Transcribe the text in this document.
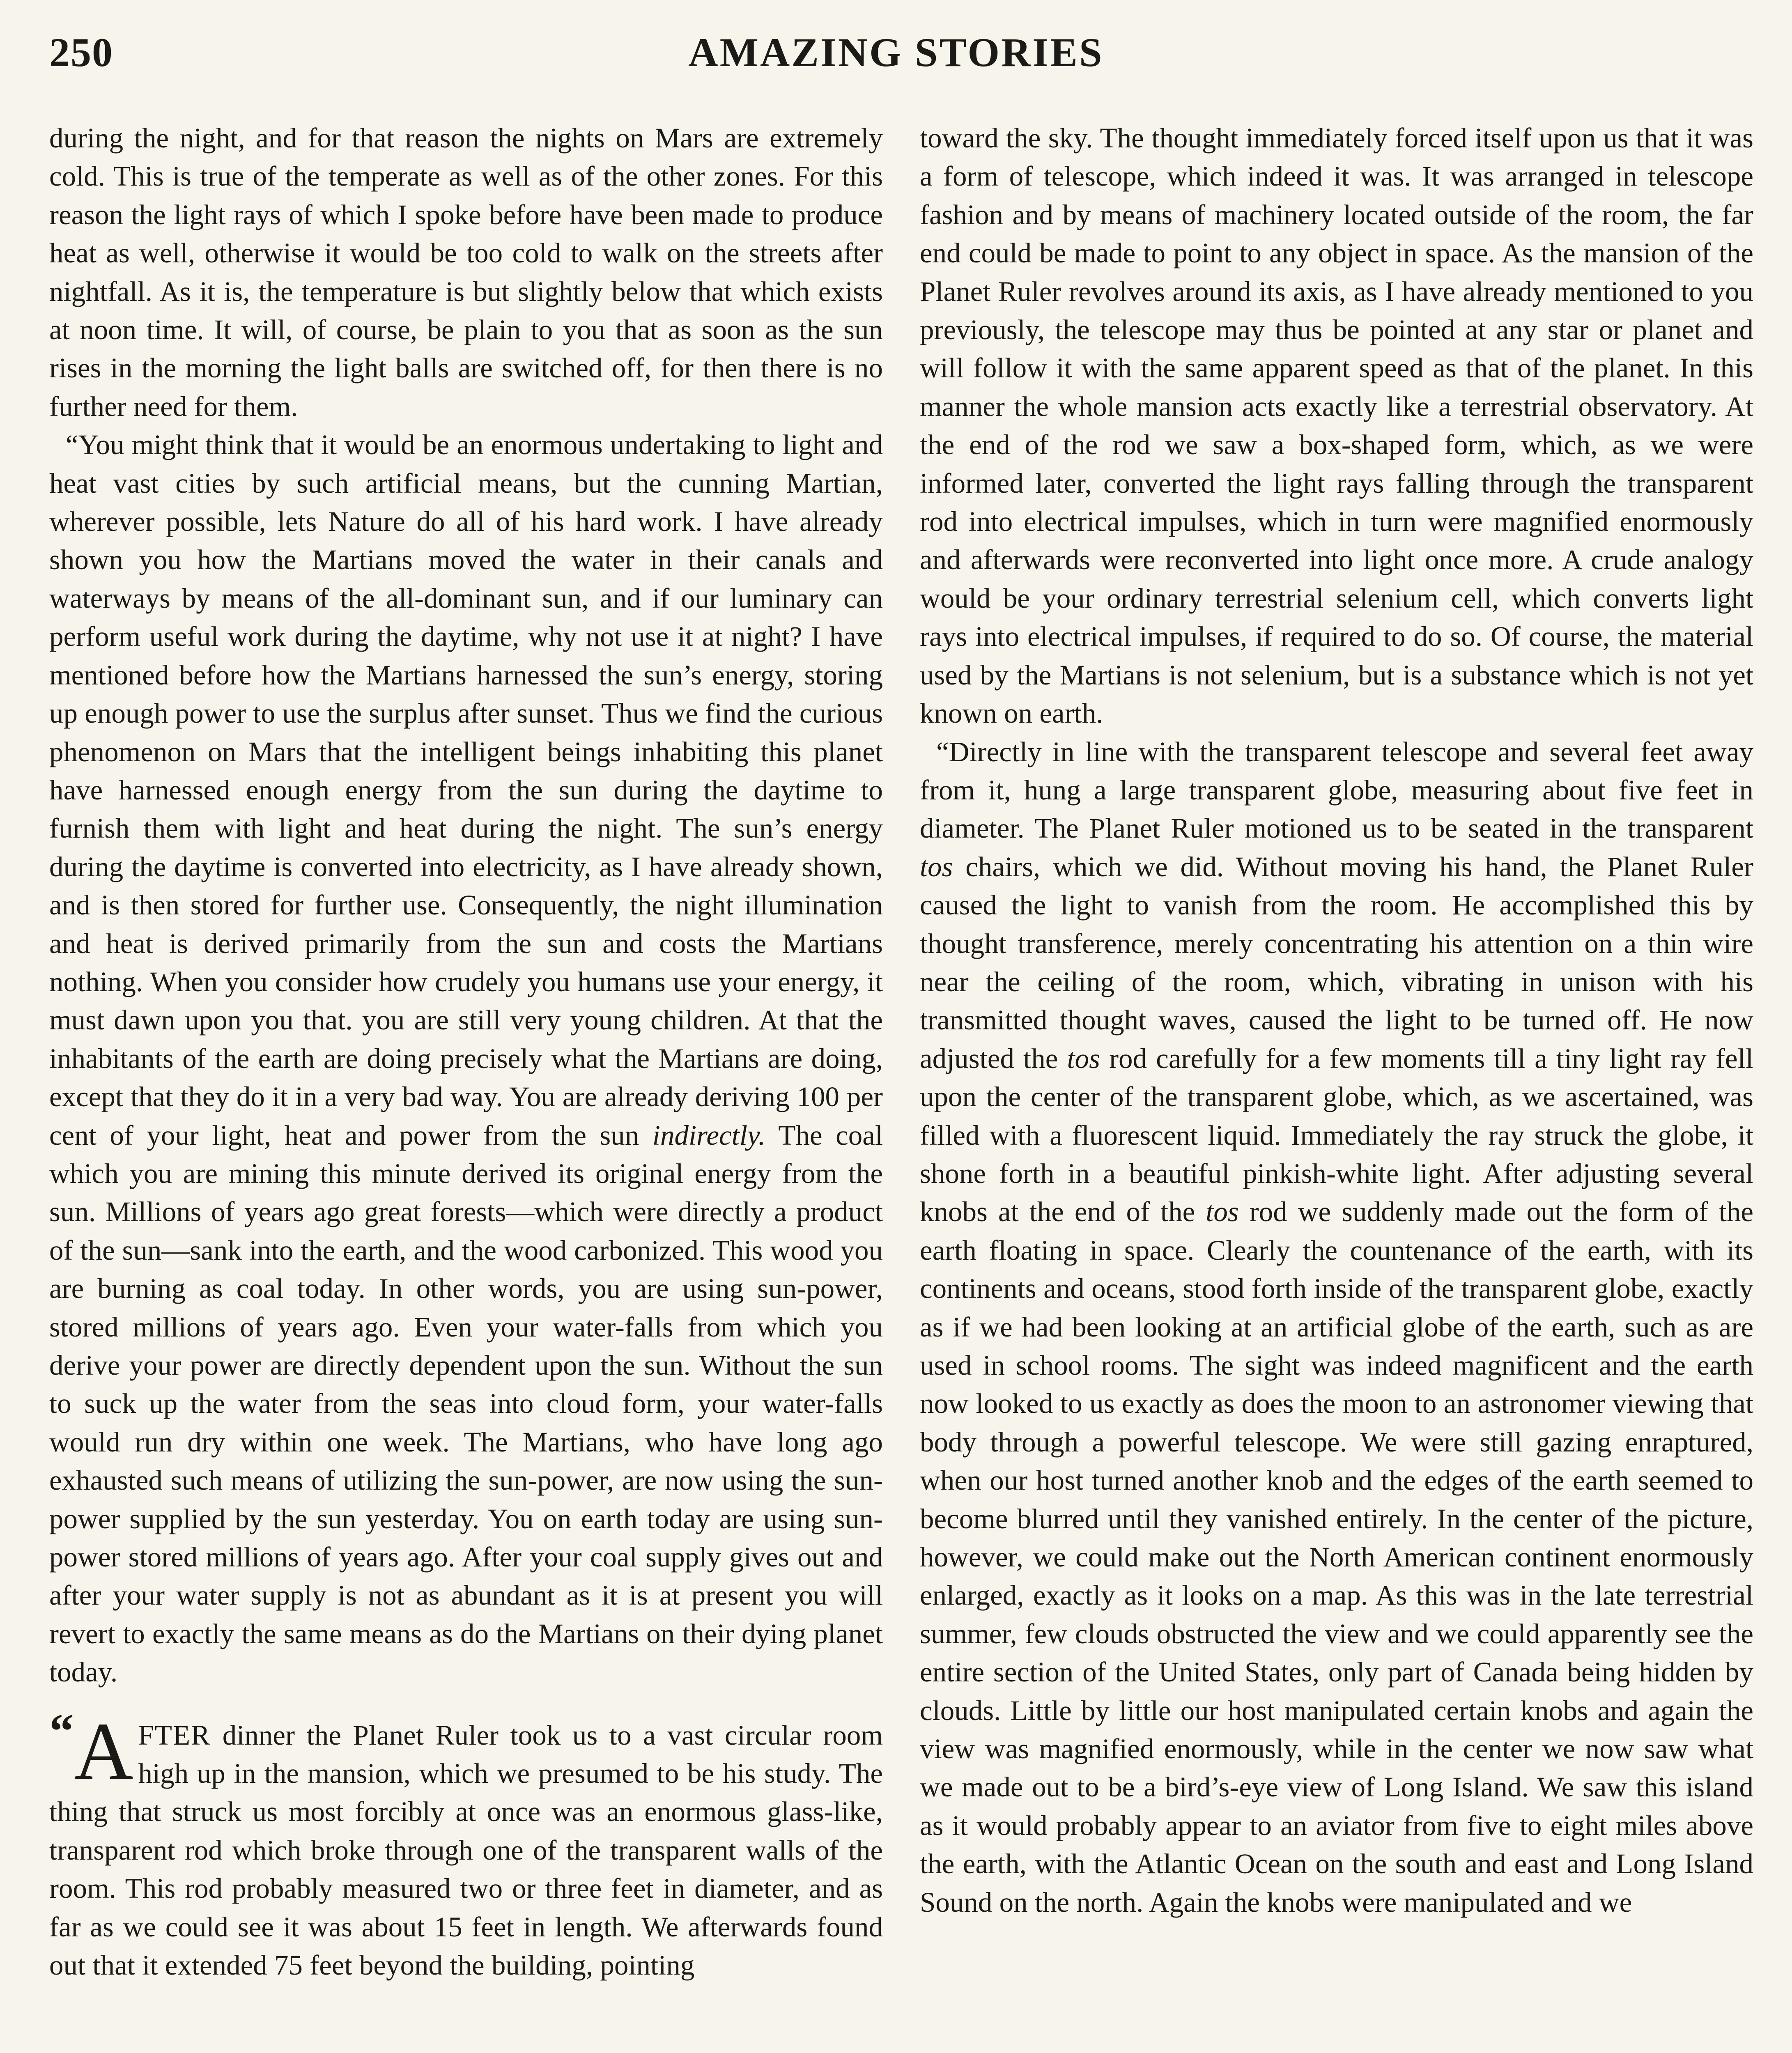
250	AMAZING STORIES

during the night, and for that reason the nights on Mars are extremely cold. This is true of the temperate as well as of the other zones. For this reason the light rays of which I spoke before have been made to produce heat as well, otherwise it would be too cold to walk on the streets after nightfall. As it is, the temperature is but slightly below that which exists at noon time. It will, of course, be plain to you that as soon as the sun rises in the morning the light balls are switched off, for then there is no further need for them.

“You might think that it would be an enormous undertaking to light and heat vast cities by such artificial means, but the cunning Martian, wherever possible, lets Nature do all of his hard work. I have already shown you how the Martians moved the water in their canals and waterways by means of the all-dominant sun, and if our luminary can perform useful work during the daytime, why not use it at night? I have mentioned before how the Martians harnessed the sun’s energy, storing up enough power to use the surplus after sunset. Thus we find the curious phenomenon on Mars that the intelligent beings inhabiting this planet have harnessed enough energy from the sun during the daytime to furnish them with light and heat during the night. The sun’s energy during the daytime is converted into electricity, as I have already shown, and is then stored for further use. Consequently, the night illumination and heat is derived primarily from the sun and costs the Martians nothing. When you consider how crudely you humans use your energy, it must dawn upon you that. you are still very young children. At that the inhabitants of the earth are doing precisely what the Martians are doing, except that they do it in a very bad way. You are already deriving 100 per cent of your light, heat and power from the sun indirectly. The coal which you are mining this minute derived its original energy from the sun. Millions of years ago great forests—which were directly a product of the sun—sank into the earth, and the wood carbonized. This wood you are burning as coal today. In other words, you are using sun-power, stored millions of years ago. Even your water-falls from which you derive your power are directly dependent upon the sun. Without the sun to suck up the water from the seas into cloud form, your water-falls would run dry within one week. The Martians, who have long ago exhausted such means of utilizing the sun-power, are now using the sun-power supplied by the sun yesterday. You on earth today are using sun-power stored millions of years ago. After your coal supply gives out and after your water supply is not as abundant as it is at present you will revert to exactly the same means as do the Martians on their dying planet today.

“A FTER dinner the Planet Ruler took us to a vast circular room high up in the mansion, which we presumed to be his study. The thing that struck us most forcibly at once was an enormous glass-like, transparent rod which broke through one of the transparent walls of the room. This rod probably measured two or three feet in diameter, and as far as we could see it was about 15 feet in length. We afterwards found out that it extended 75 feet beyond the building, pointing

toward the sky. The thought immediately forced itself upon us that it was a form of telescope, which indeed it was. It was arranged in telescope fashion and by means of machinery located outside of the room, the far end could be made to point to any object in space. As the mansion of the Planet Ruler revolves around its axis, as I have already mentioned to you previously, the telescope may thus be pointed at any star or planet and will follow it with the same apparent speed as that of the planet. In this manner the whole mansion acts exactly like a terrestrial observatory. At the end of the rod we saw a box-shaped form, which, as we were informed later, converted the light rays falling through the transparent rod into electrical impulses, which in turn were magnified enormously and afterwards were reconverted into light once more. A crude analogy would be your ordinary terrestrial selenium cell, which converts light rays into electrical impulses, if required to do so. Of course, the material used by the Martians is not selenium, but is a substance which is not yet known on earth.

“Directly in line with the transparent telescope and several feet away from it, hung a large transparent globe, measuring about five feet in diameter. The Planet Ruler motioned us to be seated in the transparent tos chairs, which we did. Without moving his hand, the Planet Ruler caused the light to vanish from the room. He accomplished this by thought transference, merely concentrating his attention on a thin wire near the ceiling of the room, which, vibrating in unison with his transmitted thought waves, caused the light to be turned off. He now adjusted the tos rod carefully for a few moments till a tiny light ray fell upon the center of the transparent globe, which, as we ascertained, was filled with a fluorescent liquid. Immediately the ray struck the globe, it shone forth in a beautiful pinkish-white light. After adjusting several knobs at the end of the tos rod we suddenly made out the form of the earth floating in space. Clearly the countenance of the earth, with its continents and oceans, stood forth inside of the transparent globe, exactly as if we had been looking at an artificial globe of the earth, such as are used in school rooms. The sight was indeed magnificent and the earth now looked to us exactly as does the moon to an astronomer viewing that body through a powerful telescope. We were still gazing enraptured, when our host turned another knob and the edges of the earth seemed to become blurred until they vanished entirely. In the center of the picture, however, we could make out the North American continent enormously enlarged, exactly as it looks on a map. As this was in the late terrestrial summer, few clouds obstructed the view and we could apparently see the entire section of the United States, only part of Canada being hidden by clouds. Little by little our host manipulated certain knobs and again the view was magnified enormously, while in the center we now saw what we made out to be a bird’s-eye view of Long Island. We saw this island as it would probably appear to an aviator from five to eight miles above the earth, with the Atlantic Ocean on the south and east and Long Island Sound on the north. Again the knobs were manipulated and we
